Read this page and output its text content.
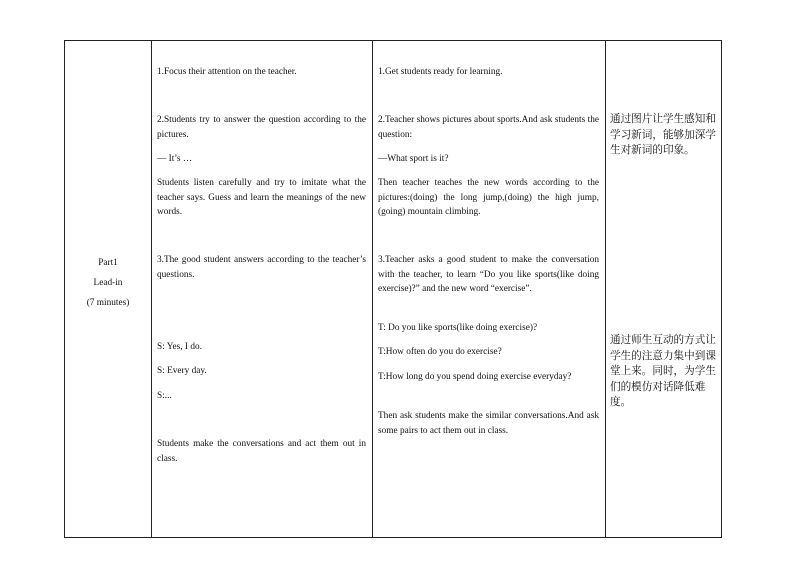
Part1
Lead-in
(7 minutes)

1.Focus their attention on the teacher.

2.Students try to answer the question according to the pictures.

— It’s …

Students listen carefully and try to imitate what the teacher says. Guess and learn the meanings of the new words.

3.The good student answers according to the teacher’s questions.

S: Yes, I do.

S: Every day.

S:...

Students make the conversations and act them out in class.

1.Get students ready for learning.

2.Teacher shows pictures about sports.And ask students the question:

—What sport is it?

Then teacher teaches the new words according to the pictures:(doing) the long jump,(doing) the high jump,(going) mountain climbing.

3.Teacher asks a good student to make the conversation with the teacher, to learn “Do you like sports(like doing exercise)?” and the new word “exercise”.

T: Do you like sports(like doing exercise)?

T:How often do you do exercise?

T:How long do you spend doing exercise everyday?

Then ask students make the similar conversations.And ask some pairs to act them out in class.

通过图片让学生感知和学习新词，能够加深学生对新词的印象。

通过师生互动的方式让学生的注意力集中到课堂上来。同时，为学生们的模仿对话降低难度。
